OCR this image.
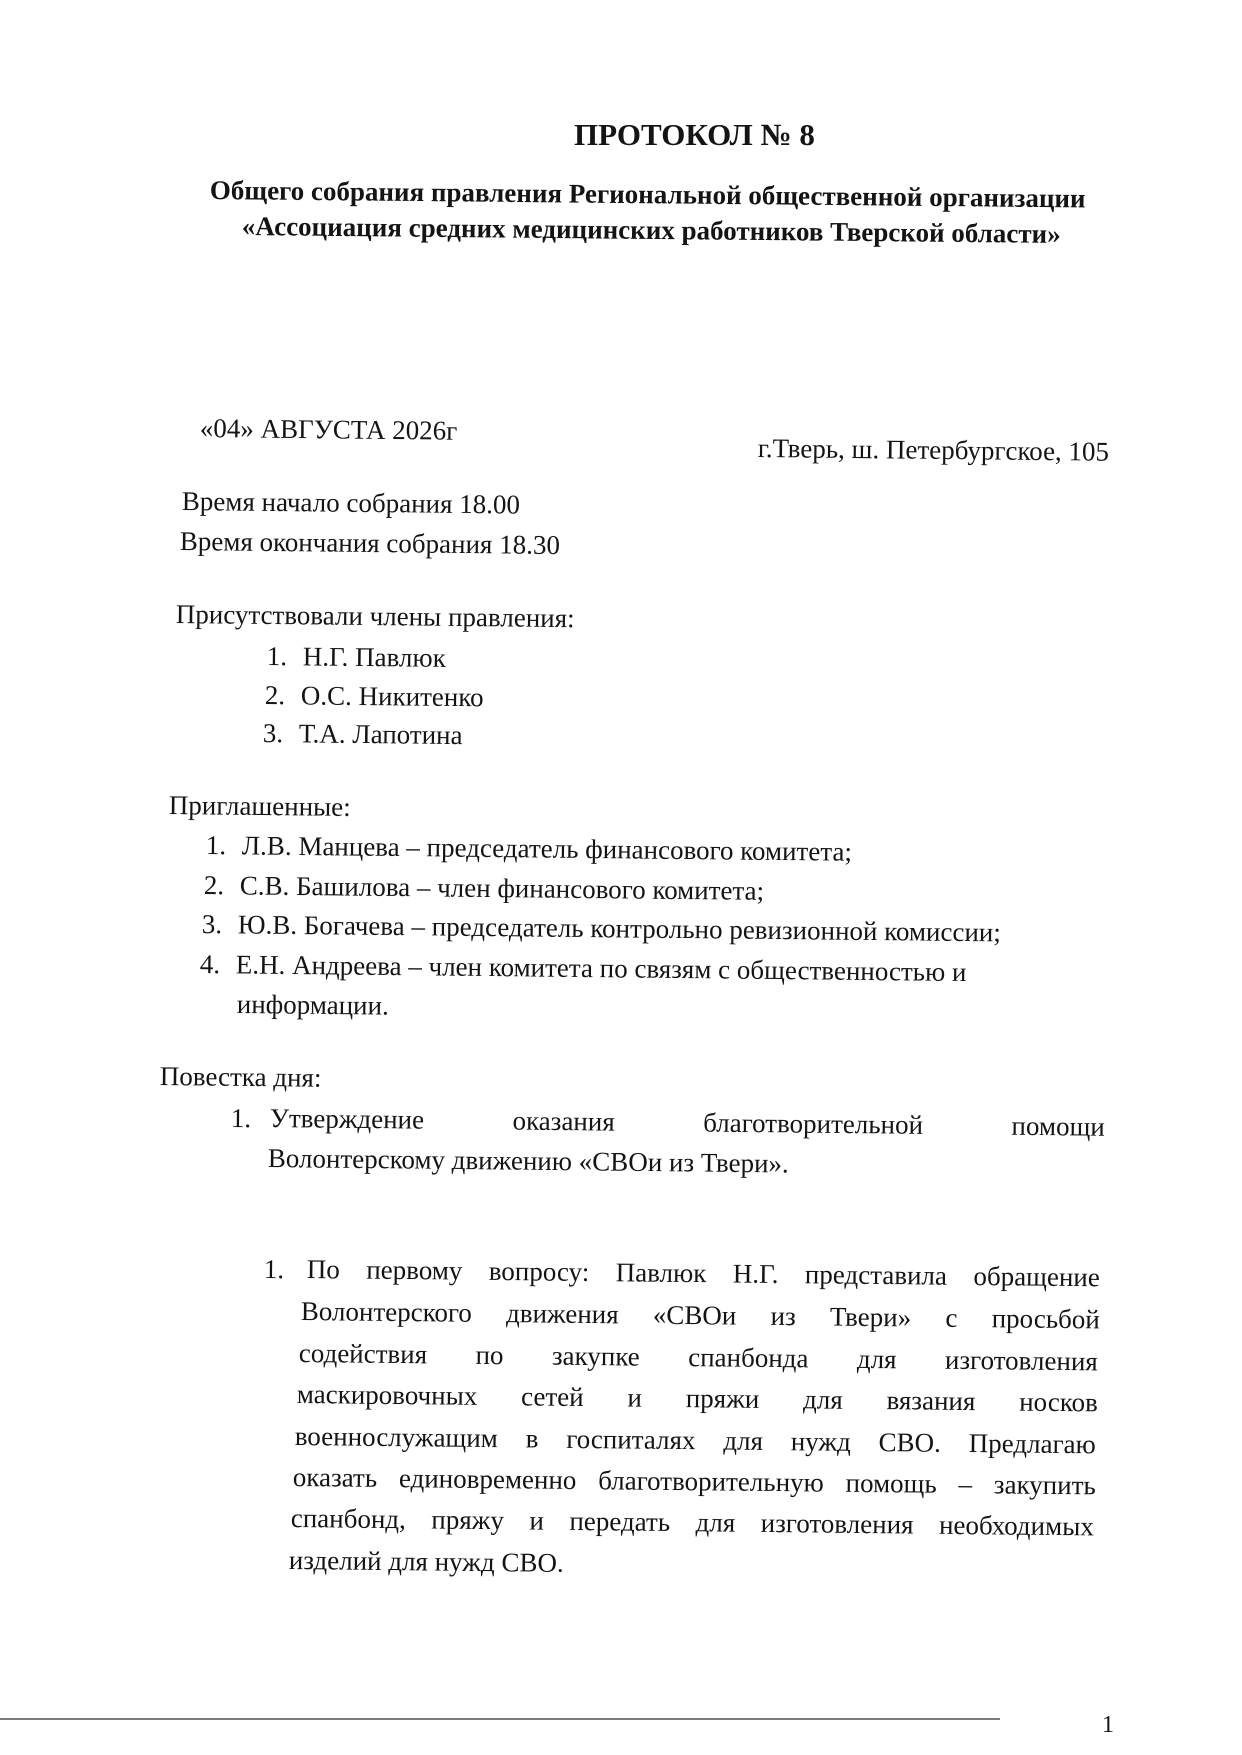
ПРОТОКОЛ № 8
Общего собрания правления Региональной общественной организации
«Ассоциация средних медицинских работников Тверской области»
«04» АВГУСТА 2026г
г.Тверь, ш. Петербургское, 105
Время начало собрания 18.00
Время окончания собрания 18.30
Присутствовали члены правления:
1. Н.Г. Павлюк
2. О.С. Никитенко
3. Т.А. Лапотина
Приглашенные:
1. Л.В. Манцева – председатель финансового комитета;
2. С.В. Башилова – член финансового комитета;
3. Ю.В. Богачева – председатель контрольно ревизионной комиссии;
4. Е.Н. Андреева – член комитета по связям с общественностью и
информации.
Повестка дня:
1. Утверждение оказания благотворительной помощи
Волонтерскому движению «СВОи из Твери».
1. По первому вопросу: Павлюк Н.Г. представила обращение
Волонтерского движения «СВОи из Твери» с просьбой
содействия по закупке спанбонда для изготовления
маскировочных сетей и пряжи для вязания носков
военнослужащим в госпиталях для нужд СВО. Предлагаю
оказать единовременно благотворительную помощь – закупить
спанбонд, пряжу и передать для изготовления необходимых
изделий для нужд СВО.
1
